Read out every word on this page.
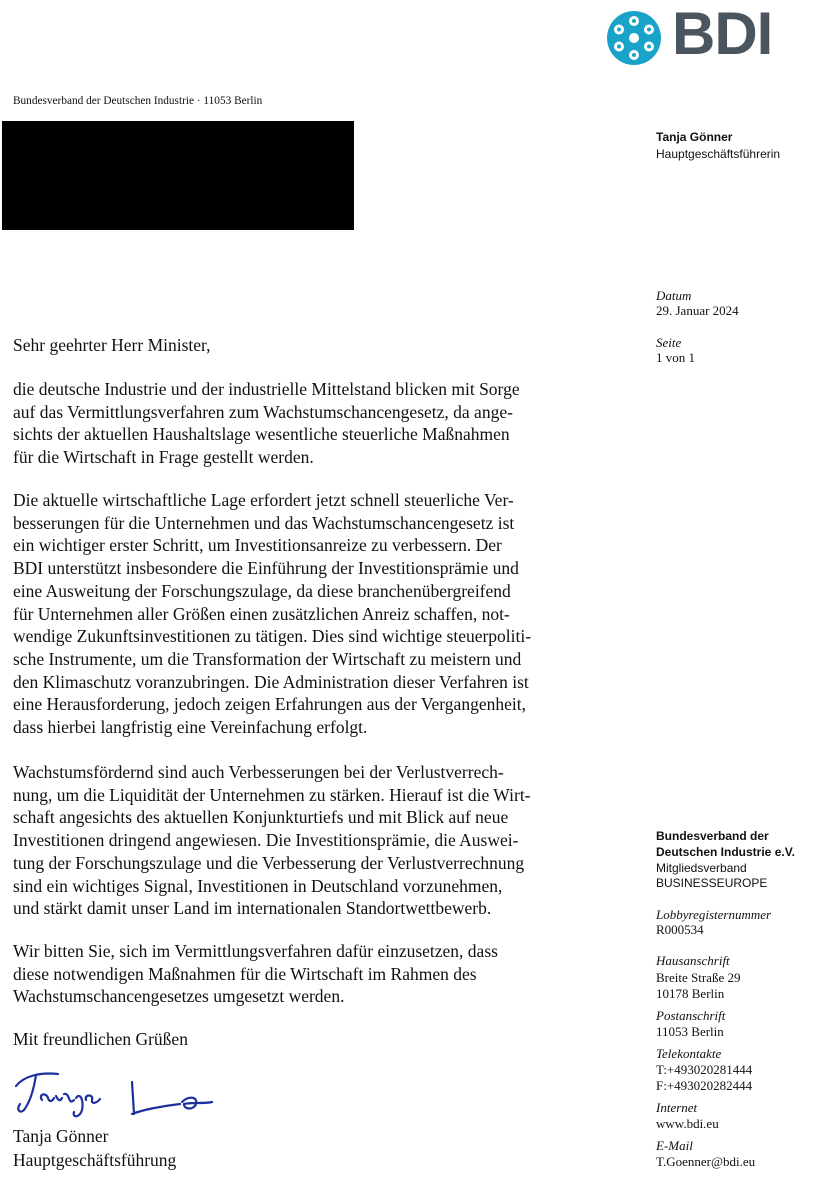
BDI
Bundesverband der Deutschen Industrie · 11053 Berlin
Tanja Gönner
Hauptgeschäftsführerin
Datum
29. Januar 2024
Seite
1 von 1
Sehr geehrter Herr Minister,
die deutsche Industrie und der industrielle Mittelstand blicken mit Sorge
auf das Vermittlungsverfahren zum Wachstumschancengesetz, da ange-
sichts der aktuellen Haushaltslage wesentliche steuerliche Maßnahmen
für die Wirtschaft in Frage gestellt werden.
Die aktuelle wirtschaftliche Lage erfordert jetzt schnell steuerliche Ver-
besserungen für die Unternehmen und das Wachstumschancengesetz ist
ein wichtiger erster Schritt, um Investitionsanreize zu verbessern. Der
BDI unterstützt insbesondere die Einführung der Investitionsprämie und
eine Ausweitung der Forschungszulage, da diese branchenübergreifend
für Unternehmen aller Größen einen zusätzlichen Anreiz schaffen, not-
wendige Zukunftsinvestitionen zu tätigen. Dies sind wichtige steuerpoliti-
sche Instrumente, um die Transformation der Wirtschaft zu meistern und
den Klimaschutz voranzubringen. Die Administration dieser Verfahren ist
eine Herausforderung, jedoch zeigen Erfahrungen aus der Vergangenheit,
dass hierbei langfristig eine Vereinfachung erfolgt.
Wachstumsfördernd sind auch Verbesserungen bei der Verlustverrech-
nung, um die Liquidität der Unternehmen zu stärken. Hierauf ist die Wirt-
schaft angesichts des aktuellen Konjunkturtiefs und mit Blick auf neue
Investitionen dringend angewiesen. Die Investitionsprämie, die Auswei-
tung der Forschungszulage und die Verbesserung der Verlustverrechnung
sind ein wichtiges Signal, Investitionen in Deutschland vorzunehmen,
und stärkt damit unser Land im internationalen Standortwettbewerb.
Wir bitten Sie, sich im Vermittlungsverfahren dafür einzusetzen, dass
diese notwendigen Maßnahmen für die Wirtschaft im Rahmen des
Wachstumschancengesetzes umgesetzt werden.
Mit freundlichen Grüßen
Tanja Gönner
Hauptgeschäftsführung
Bundesverband der
Deutschen Industrie e.V.
Mitgliedsverband
BUSINESSEUROPE
Lobbyregisternummer
R000534
Hausanschrift
Breite Straße 29
10178 Berlin
Postanschrift
11053 Berlin
Telekontakte
T:+493020281444
F:+493020282444
Internet
www.bdi.eu
E-Mail
T.Goenner@bdi.eu
